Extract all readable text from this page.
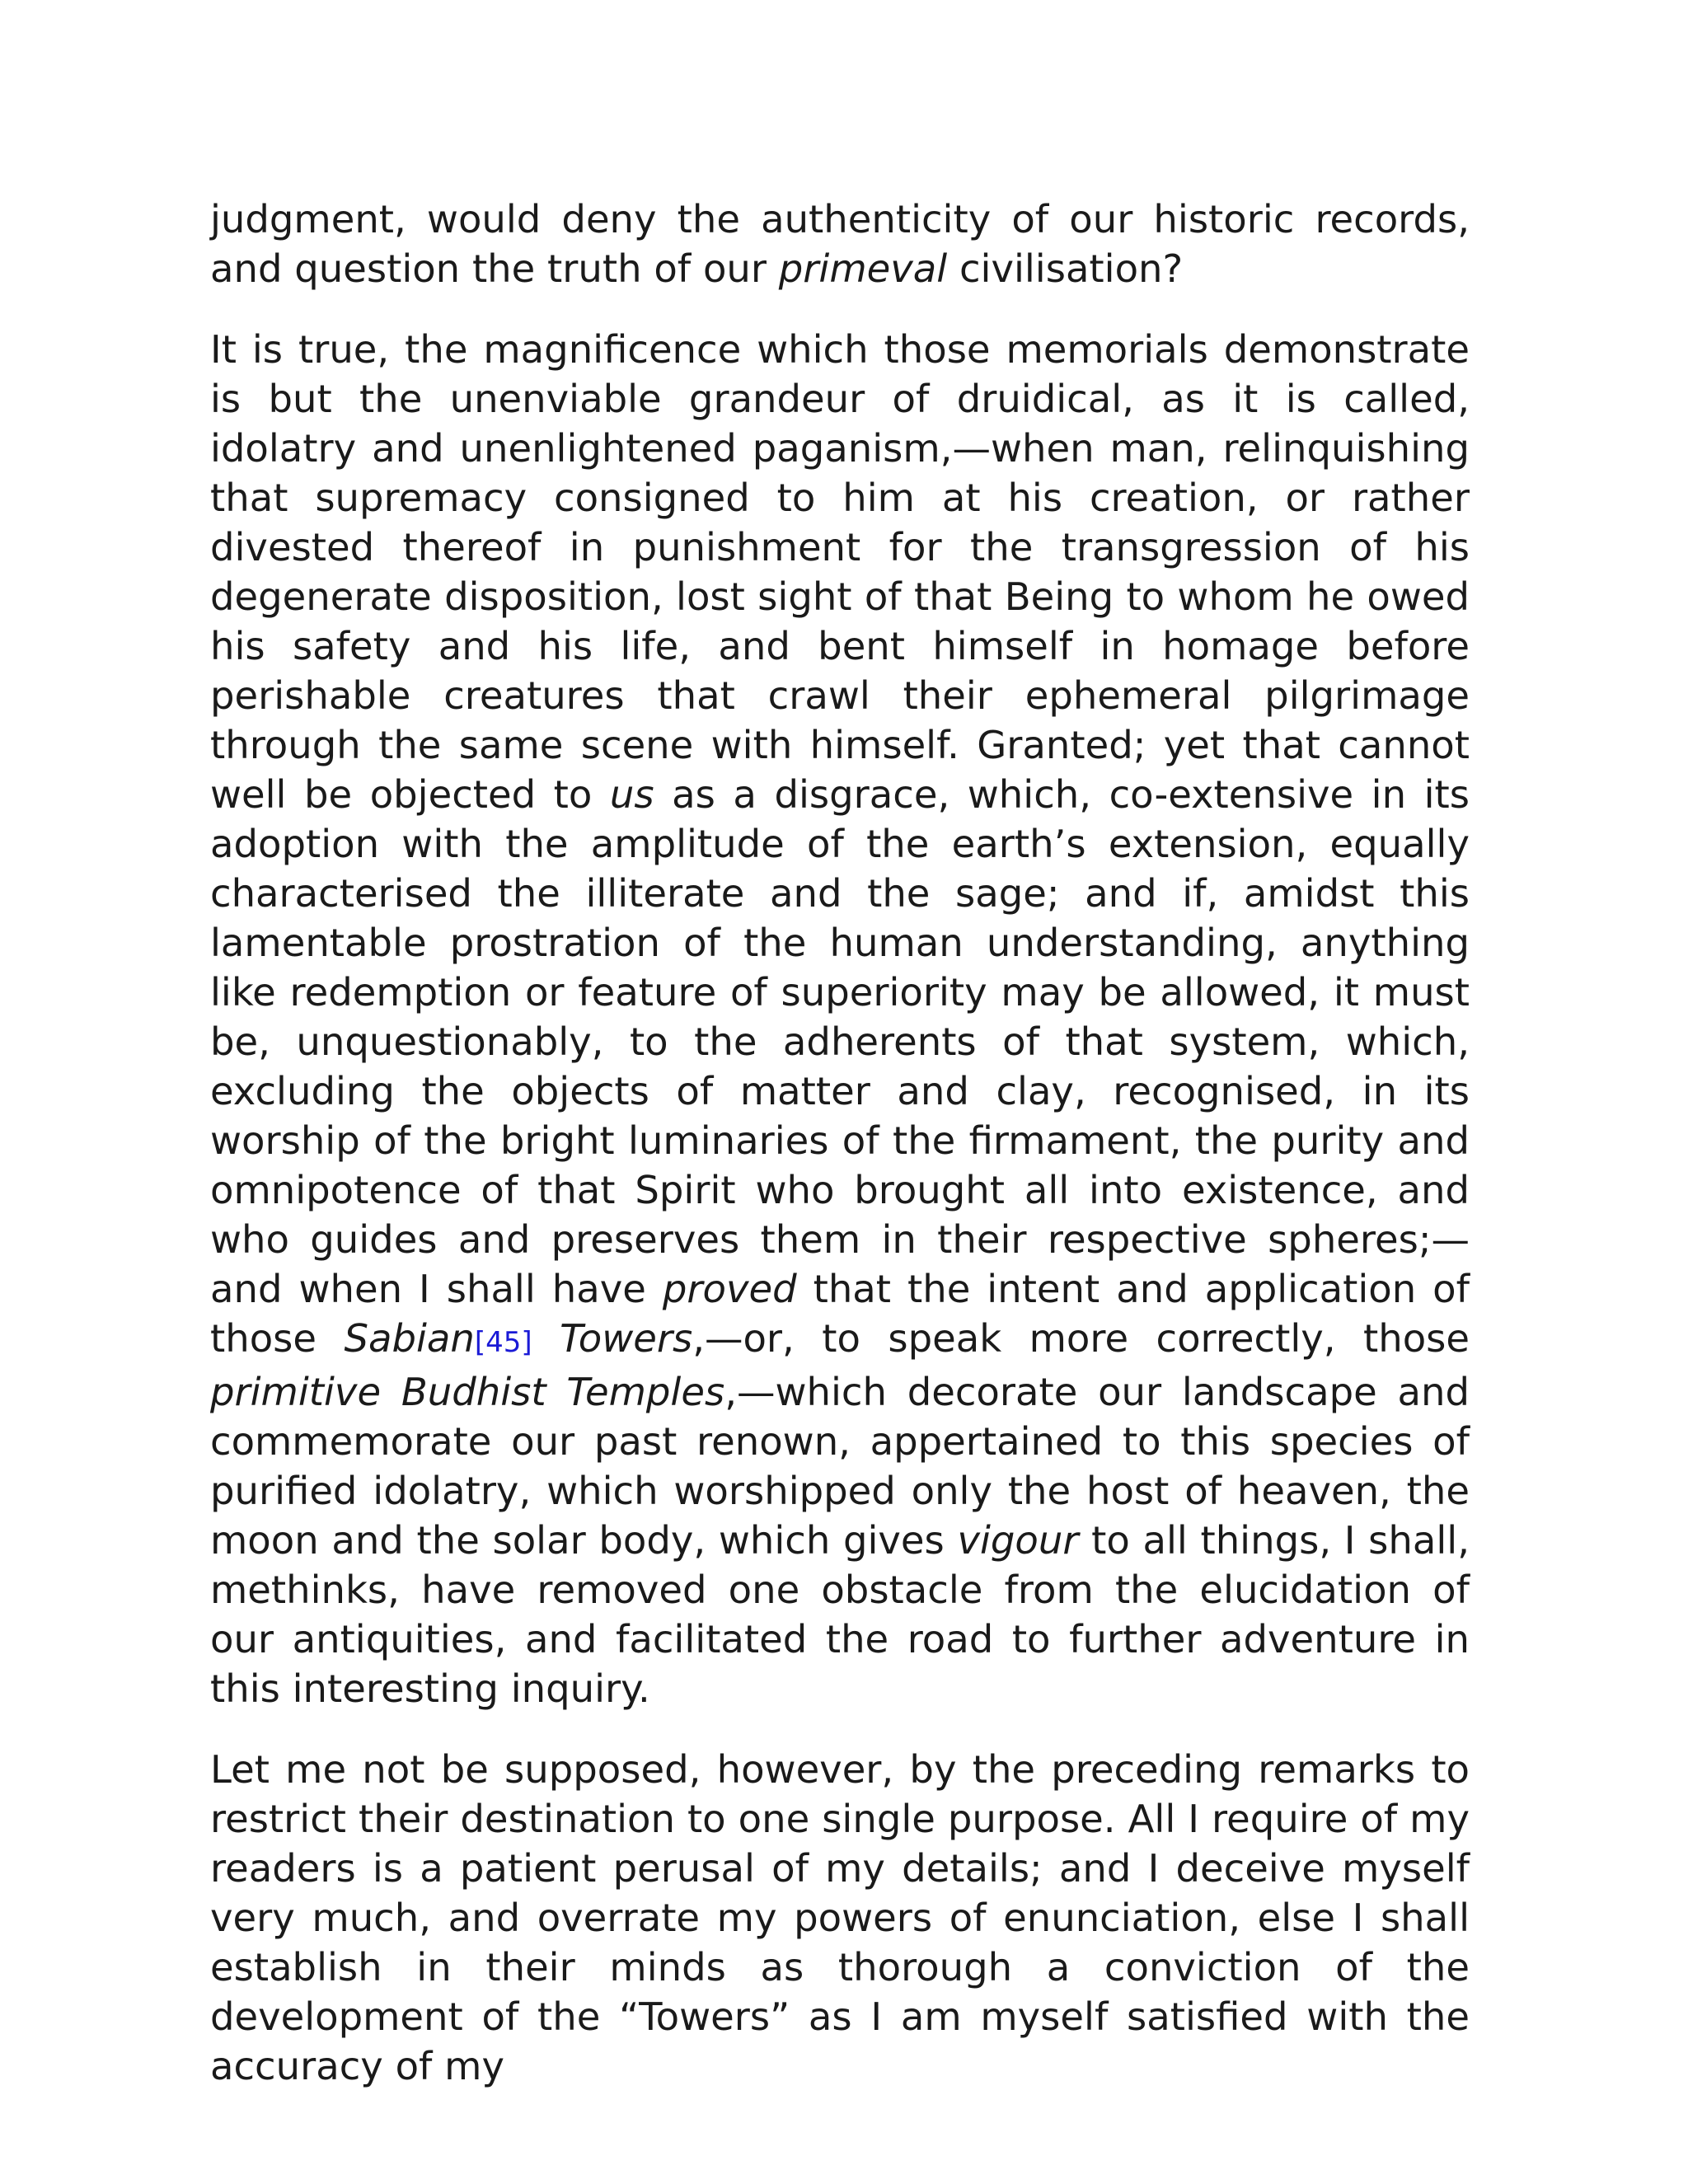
judgment, would deny the authenticity of our historic records, and question the truth of our primeval civilisation?

It is true, the magnificence which those memorials demonstrate is but the unenviable grandeur of druidical, as it is called, idolatry and unenlightened paganism,—when man, relinquishing that supremacy consigned to him at his creation, or rather divested thereof in punishment for the transgression of his degenerate disposition, lost sight of that Being to whom he owed his safety and his life, and bent himself in homage before perishable creatures that crawl their ephemeral pilgrimage through the same scene with himself. Granted; yet that cannot well be objected to us as a disgrace, which, co-extensive in its adoption with the amplitude of the earth’s extension, equally characterised the illiterate and the sage; and if, amidst this lamentable prostration of the human understanding, anything like redemption or feature of superiority may be allowed, it must be, unquestionably, to the adherents of that system, which, excluding the objects of matter and clay, recognised, in its worship of the bright luminaries of the firmament, the purity and omnipotence of that Spirit who brought all into existence, and who guides and preserves them in their respective spheres;—and when I shall have proved that the intent and application of those Sabian[45] Towers,—or, to speak more correctly, those primitive Budhist Temples,—which decorate our landscape and commemorate our past renown, appertained to this species of purified idolatry, which worshipped only the host of heaven, the moon and the solar body, which gives vigour to all things, I shall, methinks, have removed one obstacle from the elucidation of our antiquities, and facilitated the road to further adventure in this interesting inquiry.

Let me not be supposed, however, by the preceding remarks to restrict their destination to one single purpose. All I require of my readers is a patient perusal of my details; and I deceive myself very much, and overrate my powers of enunciation, else I shall establish in their minds as thorough a conviction of the development of the “Towers” as I am myself satisfied with the accuracy of my
